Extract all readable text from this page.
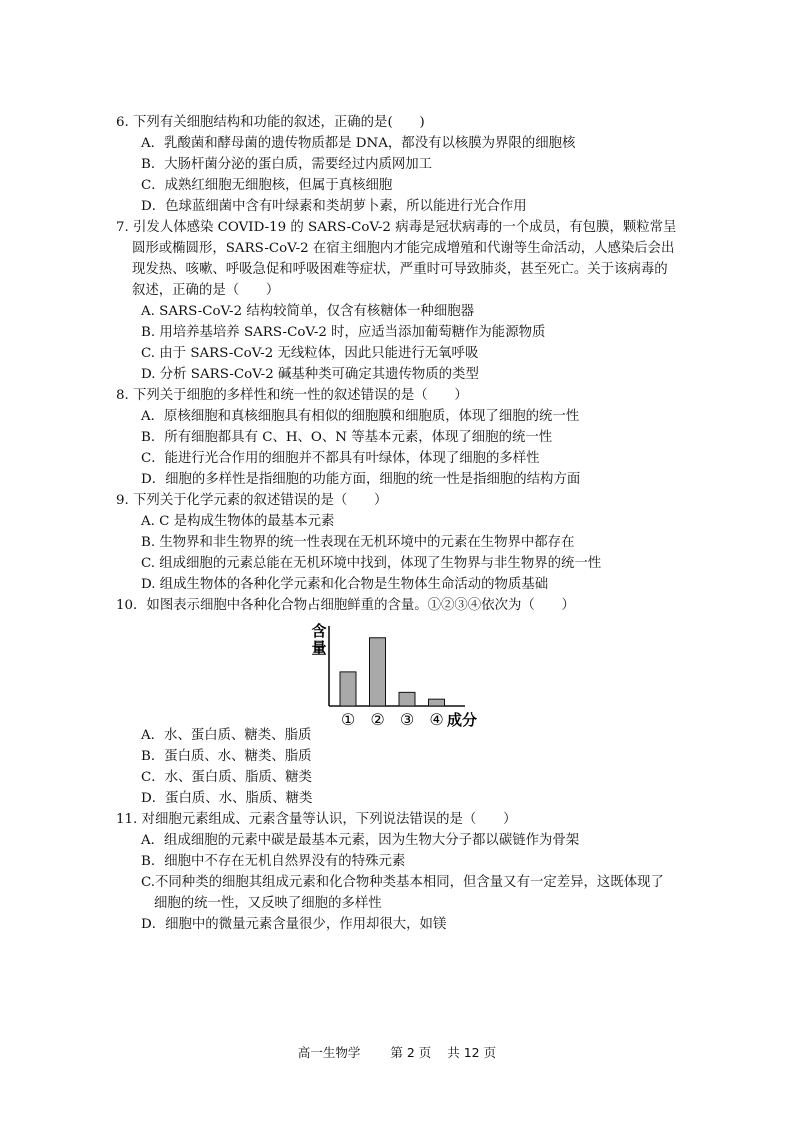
6. 下列有关细胞结构和功能的叙述，正确的是(　　)
A．乳酸菌和酵母菌的遗传物质都是 DNA，都没有以核膜为界限的细胞核
B．大肠杆菌分泌的蛋白质，需要经过内质网加工
C．成熟红细胞无细胞核，但属于真核细胞
D．色球蓝细菌中含有叶绿素和类胡萝卜素，所以能进行光合作用
7. 引发人体感染 COVID-19 的 SARS-CoV-2 病毒是冠状病毒的一个成员，有包膜，颗粒常呈
圆形或椭圆形，SARS-CoV-2 在宿主细胞内才能完成增殖和代谢等生命活动，人感染后会出
现发热、咳嗽、呼吸急促和呼吸困难等症状，严重时可导致肺炎，甚至死亡。关于该病毒的
叙述，正确的是（　　）
A. SARS-CoV-2 结构较简单，仅含有核糖体一种细胞器
B. 用培养基培养 SARS-CoV-2 时，应适当添加葡萄糖作为能源物质
C. 由于 SARS-CoV-2 无线粒体，因此只能进行无氧呼吸
D. 分析 SARS-CoV-2 碱基种类可确定其遗传物质的类型
8. 下列关于细胞的多样性和统一性的叙述错误的是（　　）
A．原核细胞和真核细胞具有相似的细胞膜和细胞质，体现了细胞的统一性
B．所有细胞都具有 C、H、O、N 等基本元素，体现了细胞的统一性
C．能进行光合作用的细胞并不都具有叶绿体，体现了细胞的多样性
D．细胞的多样性是指细胞的功能方面，细胞的统一性是指细胞的结构方面
9. 下列关于化学元素的叙述错误的是（　　）
A. C 是构成生物体的最基本元素
B. 生物界和非生物界的统一性表现在无机环境中的元素在生物界中都存在
C. 组成细胞的元素总能在无机环境中找到，体现了生物界与非生物界的统一性
D. 组成生物体的各种化学元素和化合物是生物体生命活动的物质基础
10．如图表示细胞中各种化合物占细胞鲜重的含量。①②③④依次为（　　）
含
量
① ② ③ ④ 成分
A．水、蛋白质、糖类、脂质
B．蛋白质、水、糖类、脂质
C．水、蛋白质、脂质、糖类
D．蛋白质、水、脂质、糖类
11. 对细胞元素组成、元素含量等认识，下列说法错误的是（　　）
A．组成细胞的元素中碳是最基本元素，因为生物大分子都以碳链作为骨架
B．细胞中不存在无机自然界没有的特殊元素
C.不同种类的细胞其组成元素和化合物种类基本相同，但含量又有一定差异，这既体现了
细胞的统一性，又反映了细胞的多样性
D．细胞中的微量元素含量很少，作用却很大，如镁
高一生物学 第 2 页 共 12 页
